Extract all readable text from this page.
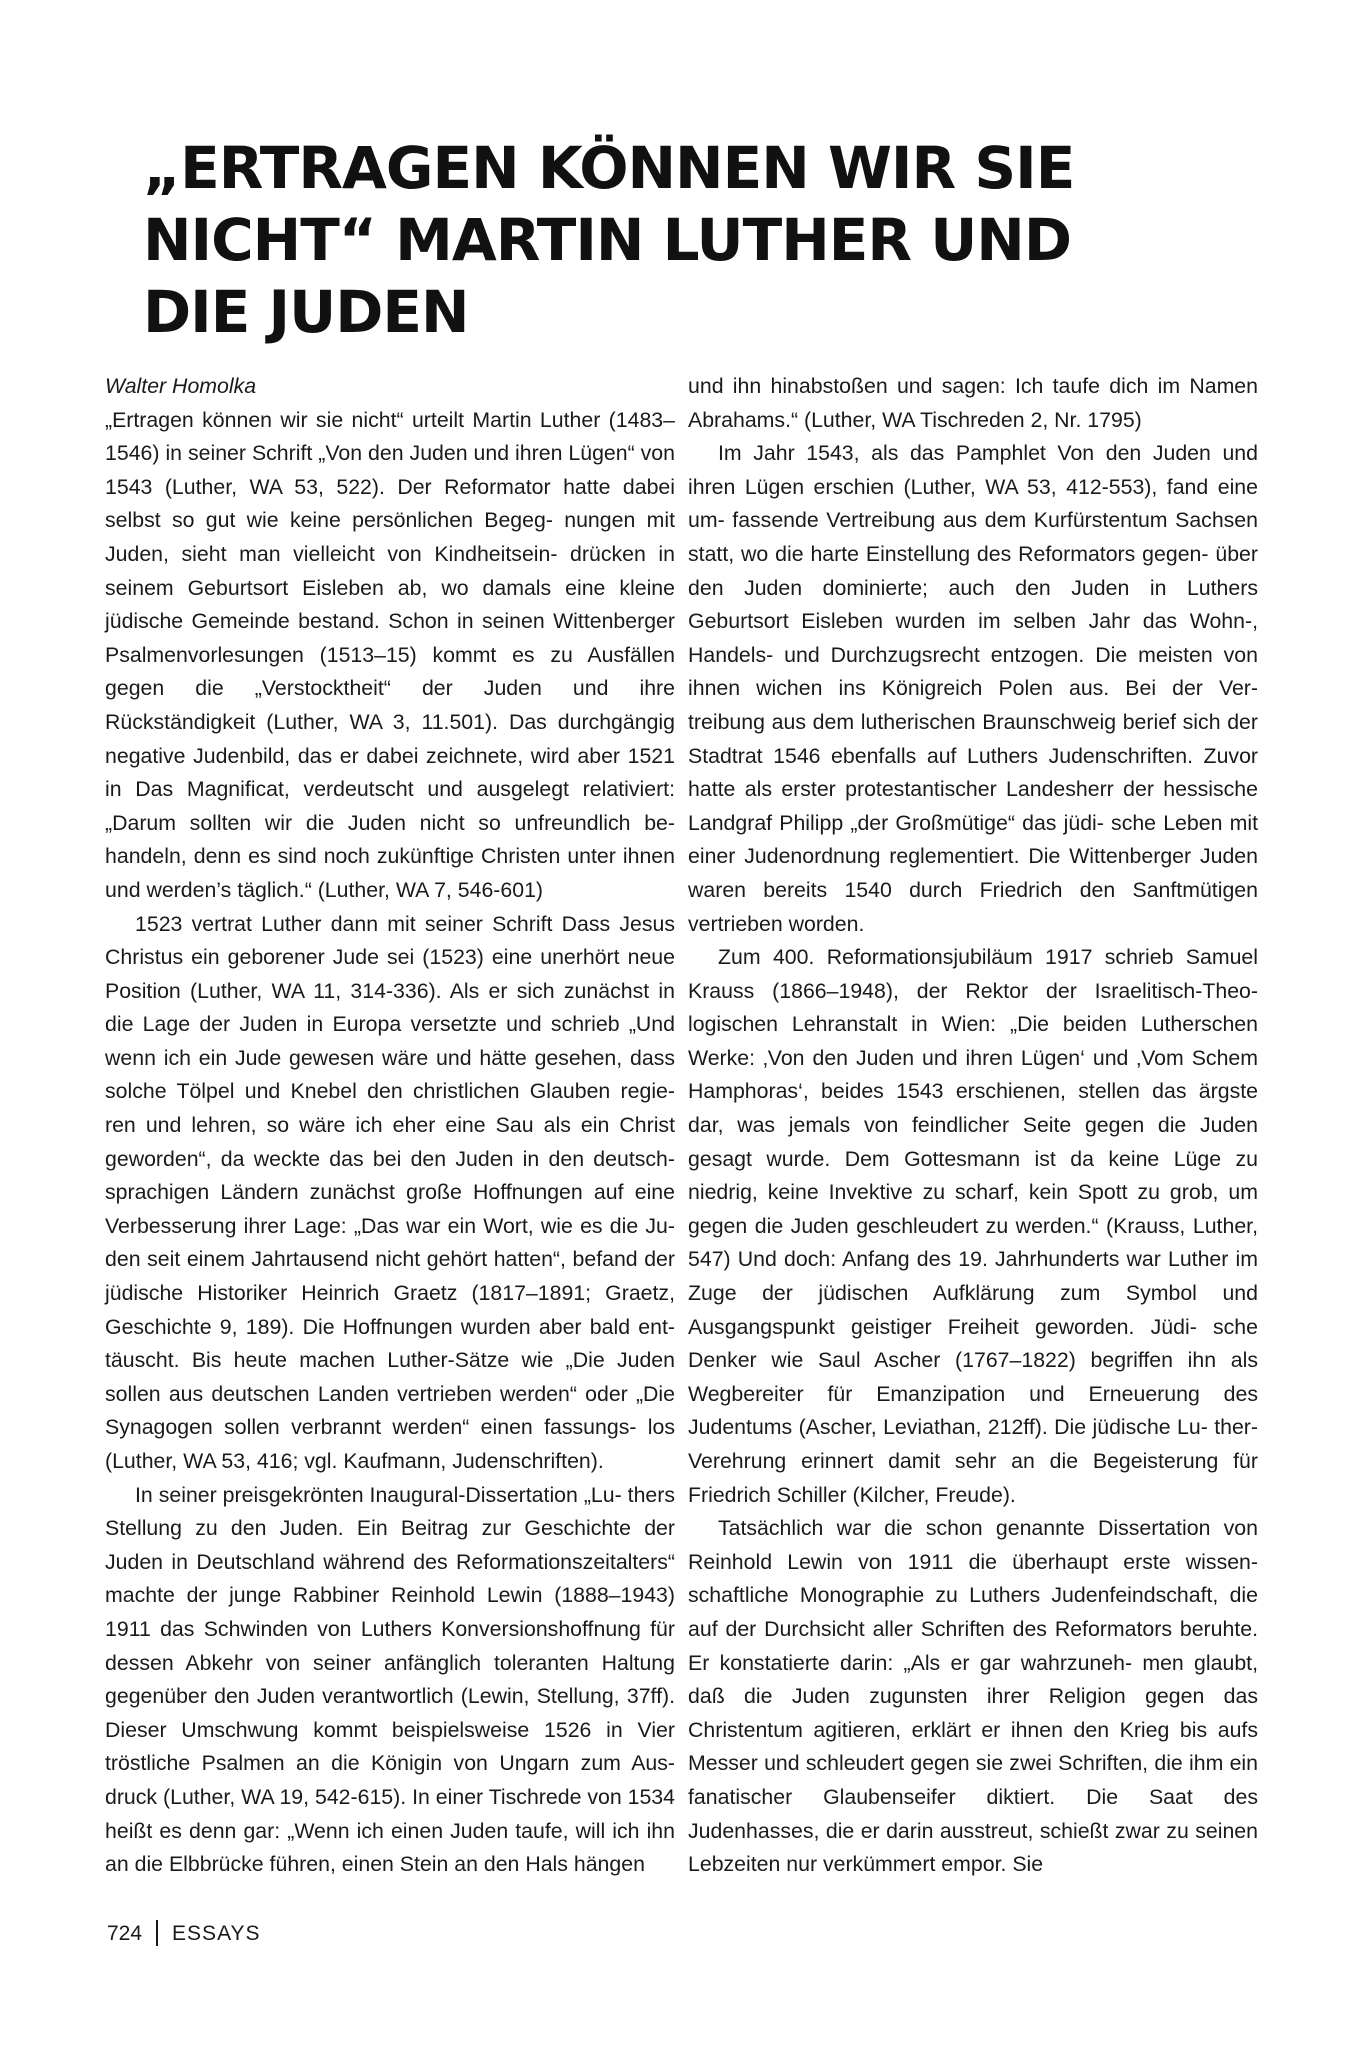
„ERTRAGEN KÖNNEN WIR SIE
NICHT“ MARTIN LUTHER UND
DIE JUDEN

Walter Homolka

„Ertragen können wir sie nicht“ urteilt Martin Luther (1483–1546) in seiner Schrift „Von den Juden und ihren Lügen“ von 1543 (Luther, WA 53, 522). Der Reformator hatte dabei selbst so gut wie keine persönlichen Begeg- nungen mit Juden, sieht man vielleicht von Kindheitsein- drücken in seinem Geburtsort Eisleben ab, wo damals eine kleine jüdische Gemeinde bestand. Schon in seinen Wittenberger Psalmenvorlesungen (1513–15) kommt es zu Ausfällen gegen die „Verstocktheit“ der Juden und ihre Rückständigkeit (Luther, WA 3, 11.501). Das durchgängig negative Judenbild, das er dabei zeichnete, wird aber 1521 in Das Magnificat, verdeutscht und ausgelegt relativiert: „Darum sollten wir die Juden nicht so unfreundlich be- handeln, denn es sind noch zukünftige Christen unter ihnen und werden’s täglich.“ (Luther, WA 7, 546-601)

1523 vertrat Luther dann mit seiner Schrift Dass Jesus Christus ein geborener Jude sei (1523) eine unerhört neue Position (Luther, WA 11, 314-336). Als er sich zunächst in die Lage der Juden in Europa versetzte und schrieb „Und wenn ich ein Jude gewesen wäre und hätte gesehen, dass solche Tölpel und Knebel den christlichen Glauben regie- ren und lehren, so wäre ich eher eine Sau als ein Christ geworden“, da weckte das bei den Juden in den deutsch- sprachigen Ländern zunächst große Hoffnungen auf eine Verbesserung ihrer Lage: „Das war ein Wort, wie es die Ju- den seit einem Jahrtausend nicht gehört hatten“, befand der jüdische Historiker Heinrich Graetz (1817–1891; Graetz, Geschichte 9, 189). Die Hoffnungen wurden aber bald ent- täuscht. Bis heute machen Luther-Sätze wie „Die Juden sollen aus deutschen Landen vertrieben werden“ oder „Die Synagogen sollen verbrannt werden“ einen fassungs- los (Luther, WA 53, 416; vgl. Kaufmann, Judenschriften).

In seiner preisgekrönten Inaugural-Dissertation „Lu- thers Stellung zu den Juden. Ein Beitrag zur Geschichte der Juden in Deutschland während des Reformationszeitalters“ machte der junge Rabbiner Reinhold Lewin (1888–1943) 1911 das Schwinden von Luthers Konversionshoffnung für dessen Abkehr von seiner anfänglich toleranten Haltung gegenüber den Juden verantwortlich (Lewin, Stellung, 37ff). Dieser Umschwung kommt beispielsweise 1526 in Vier tröstliche Psalmen an die Königin von Ungarn zum Aus- druck (Luther, WA 19, 542-615). In einer Tischrede von 1534 heißt es denn gar: „Wenn ich einen Juden taufe, will ich ihn an die Elbbrücke führen, einen Stein an den Hals hängen

und ihn hinabstoßen und sagen: Ich taufe dich im Namen Abrahams.“ (Luther, WA Tischreden 2, Nr. 1795)

Im Jahr 1543, als das Pamphlet Von den Juden und ihren Lügen erschien (Luther, WA 53, 412-553), fand eine um- fassende Vertreibung aus dem Kurfürstentum Sachsen statt, wo die harte Einstellung des Reformators gegen- über den Juden dominierte; auch den Juden in Luthers Geburtsort Eisleben wurden im selben Jahr das Wohn-, Handels- und Durchzugsrecht entzogen. Die meisten von ihnen wichen ins Königreich Polen aus. Bei der Ver- treibung aus dem lutherischen Braunschweig berief sich der Stadtrat 1546 ebenfalls auf Luthers Judenschriften. Zuvor hatte als erster protestantischer Landesherr der hessische Landgraf Philipp „der Großmütige“ das jüdi- sche Leben mit einer Judenordnung reglementiert. Die Wittenberger Juden waren bereits 1540 durch Friedrich den Sanftmütigen vertrieben worden.

Zum 400. Reformationsjubiläum 1917 schrieb Samuel Krauss (1866–1948), der Rektor der Israelitisch-Theo- logischen Lehranstalt in Wien: „Die beiden Lutherschen Werke: ‚Von den Juden und ihren Lügen‘ und ‚Vom Schem Hamphoras‘, beides 1543 erschienen, stellen das ärgste dar, was jemals von feindlicher Seite gegen die Juden gesagt wurde. Dem Gottesmann ist da keine Lüge zu niedrig, keine Invektive zu scharf, kein Spott zu grob, um gegen die Juden geschleudert zu werden.“ (Krauss, Luther, 547) Und doch: Anfang des 19. Jahrhunderts war Luther im Zuge der jüdischen Aufklärung zum Symbol und Ausgangspunkt geistiger Freiheit geworden. Jüdi- sche Denker wie Saul Ascher (1767–1822) begriffen ihn als Wegbereiter für Emanzipation und Erneuerung des Judentums (Ascher, Leviathan, 212ff). Die jüdische Lu- ther-Verehrung erinnert damit sehr an die Begeisterung für Friedrich Schiller (Kilcher, Freude).

Tatsächlich war die schon genannte Dissertation von Reinhold Lewin von 1911 die überhaupt erste wissen- schaftliche Monographie zu Luthers Judenfeindschaft, die auf der Durchsicht aller Schriften des Reformators beruhte. Er konstatierte darin: „Als er gar wahrzuneh- men glaubt, daß die Juden zugunsten ihrer Religion gegen das Christentum agitieren, erklärt er ihnen den Krieg bis aufs Messer und schleudert gegen sie zwei Schriften, die ihm ein fanatischer Glaubenseifer diktiert. Die Saat des Judenhasses, die er darin ausstreut, schießt zwar zu seinen Lebzeiten nur verkümmert empor. Sie

724 ESSAYS
